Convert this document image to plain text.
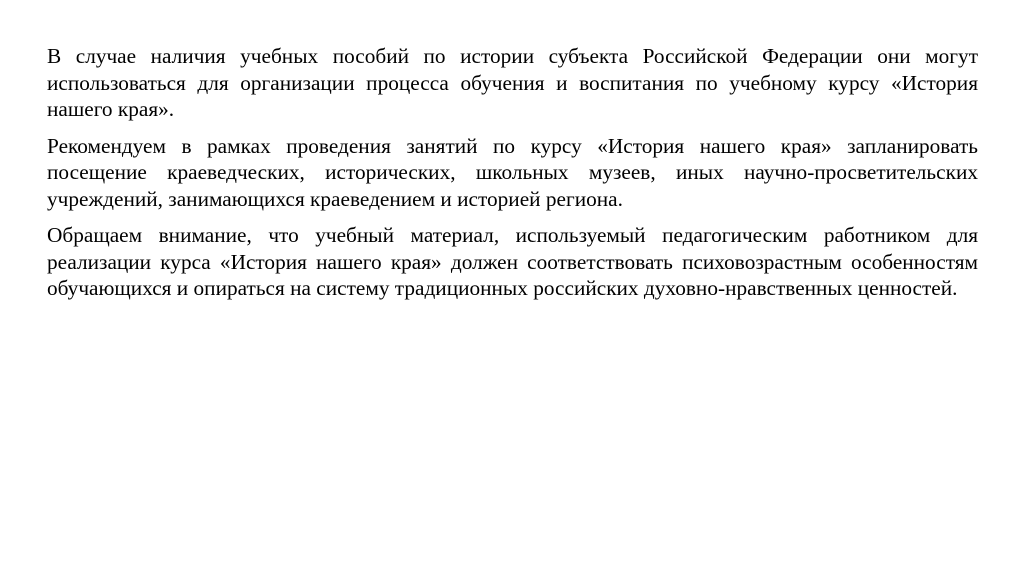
В случае наличия учебных пособий по истории субъекта Российской Федерации они могут использоваться для организации процесса обучения и воспитания по учебному курсу «История нашего края».

Рекомендуем в рамках проведения занятий по курсу «История нашего края» запланировать посещение краеведческих, исторических, школьных музеев, иных научно-просветительских учреждений, занимающихся краеведением и историей региона.

Обращаем внимание, что учебный материал, используемый педагогическим работником для реализации курса «История нашего края» должен соответствовать психовозрастным особенностям обучающихся и опираться на систему традиционных российских духовно-нравственных ценностей.
